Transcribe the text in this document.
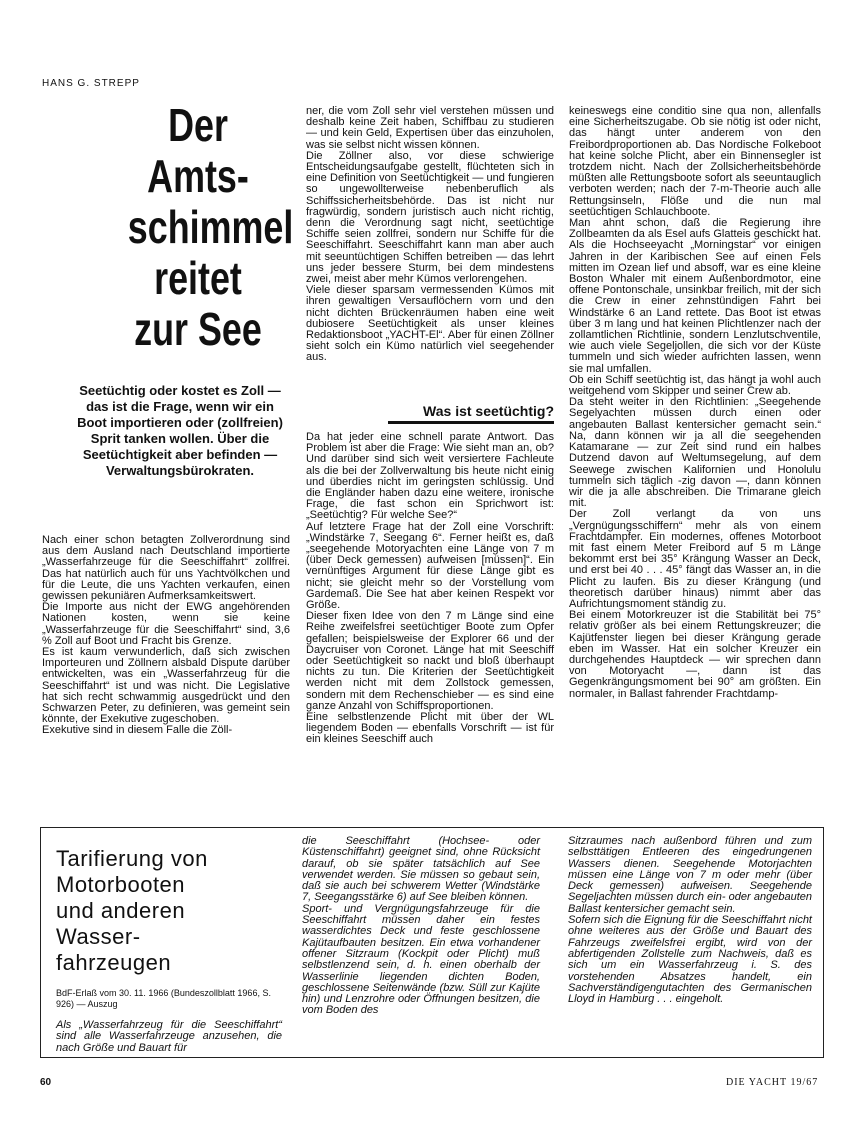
HANS G. STREPP
Der
Amts-
schimmel
reitet
zur See
Seetüchtig oder kostet es Zoll — das ist die Frage, wenn wir ein Boot importieren oder (zollfreien) Sprit tanken wollen. Über die Seetüchtigkeit aber befinden — Verwaltungsbürokraten.

Nach einer schon betagten Zollverordnung sind aus dem Ausland nach Deutschland importierte „Wasserfahrzeuge für die Seeschiffahrt“ zollfrei. Das hat natürlich auch für uns Yachtvölkchen und für die Leute, die uns Yachten verkaufen, einen gewissen pekuniären Aufmerksamkeitswert.

Die Importe aus nicht der EWG angehörenden Nationen kosten, wenn sie keine „Wasserfahrzeuge für die Seeschiffahrt“ sind, 3,6 % Zoll auf Boot und Fracht bis Grenze.

Es ist kaum verwunderlich, daß sich zwischen Importeuren und Zöllnern alsbald Dispute darüber entwickelten, was ein „Wasserfahrzeug für die Seeschiffahrt“ ist und was nicht. Die Legislative hat sich recht schwammig ausgedrückt und den Schwarzen Peter, zu definieren, was gemeint sein könnte, der Exekutive zugeschoben.

Exekutive sind in diesem Falle die Zöll-

ner, die vom Zoll sehr viel verstehen müssen und deshalb keine Zeit haben, Schiffbau zu studieren — und kein Geld, Expertisen über das einzuholen, was sie selbst nicht wissen können.

Die Zöllner also, vor diese schwierige Entscheidungsaufgabe gestellt, flüchteten sich in eine Definition von Seetüchtigkeit — und fungieren so ungewollterweise nebenberuflich als Schiffssicherheitsbehörde. Das ist nicht nur fragwürdig, sondern juristisch auch nicht richtig, denn die Verordnung sagt nicht, seetüchtige Schiffe seien zollfrei, sondern nur Schiffe für die Seeschiffahrt. Seeschiffahrt kann man aber auch mit seeuntüchtigen Schiffen betreiben — das lehrt uns jeder bessere Sturm, bei dem mindestens zwei, meist aber mehr Kümos verlorengehen.

Viele dieser sparsam vermessenden Kümos mit ihren gewaltigen Versauflöchern vorn und den nicht dichten Brückenräumen haben eine weit dubiosere Seetüchtigkeit als unser kleines Redaktionsboot „YACHT-El“. Aber für einen Zöllner sieht solch ein Kümo natürlich viel seegehender aus.

Was ist seetüchtig?

Da hat jeder eine schnell parate Antwort. Das Problem ist aber die Frage: Wie sieht man an, ob? Und darüber sind sich weit versiertere Fachleute als die bei der Zollverwaltung bis heute nicht einig und überdies nicht im geringsten schlüssig. Und die Engländer haben dazu eine weitere, ironische Frage, die fast schon ein Sprichwort ist: „Seetüchtig? Für welche See?“

Auf letztere Frage hat der Zoll eine Vorschrift: „Windstärke 7, Seegang 6“. Ferner heißt es, daß „seegehende Motoryachten eine Länge von 7 m (über Deck gemessen) aufweisen [müssen]“. Ein vernünftiges Argument für diese Länge gibt es nicht; sie gleicht mehr so der Vorstellung vom Gardemaß. Die See hat aber keinen Respekt vor Größe.

Dieser fixen Idee von den 7 m Länge sind eine Reihe zweifelsfrei seetüchtiger Boote zum Opfer gefallen; beispielsweise der Explorer 66 und der Daycruiser von Coronet. Länge hat mit Seeschiff oder Seetüchtigkeit so nackt und bloß überhaupt nichts zu tun. Die Kriterien der Seetüchtigkeit werden nicht mit dem Zollstock gemessen, sondern mit dem Rechenschieber — es sind eine ganze Anzahl von Schiffsproportionen.

Eine selbstlenzende Plicht mit über der WL liegendem Boden — ebenfalls Vorschrift — ist für ein kleines Seeschiff auch

keineswegs eine conditio sine qua non, allenfalls eine Sicherheitszugabe. Ob sie nötig ist oder nicht, das hängt unter anderem von den Freibordproportionen ab. Das Nordische Folkeboot hat keine solche Plicht, aber ein Binnensegler ist trotzdem nicht. Nach der Zollsicherheitsbehörde müßten alle Rettungsboote sofort als seeuntauglich verboten werden; nach der 7-m-Theorie auch alle Rettungsinseln, Flöße und die nun mal seetüchtigen Schlauchboote.

Man ahnt schon, daß die Regierung ihre Zollbeamten da als Esel aufs Glatteis geschickt hat. Als die Hochseeyacht „Morningstar“ vor einigen Jahren in der Karibischen See auf einen Fels mitten im Ozean lief und absoff, war es eine kleine Boston Whaler mit einem Außenbordmotor, eine offene Pontonschale, unsinkbar freilich, mit der sich die Crew in einer zehnstündigen Fahrt bei Windstärke 6 an Land rettete. Das Boot ist etwas über 3 m lang und hat keinen Plichtlenzer nach der zollamtlichen Richtlinie, sondern Lenzlutschventile, wie auch viele Segeljollen, die sich vor der Küste tummeln und sich wieder aufrichten lassen, wenn sie mal umfallen.

Ob ein Schiff seetüchtig ist, das hängt ja wohl auch weitgehend vom Skipper und seiner Crew ab.

Da steht weiter in den Richtlinien: „Seegehende Segelyachten müssen durch einen oder angebauten Ballast kentersicher gemacht sein.“ Na, dann können wir ja all die seegehenden Katamarane — zur Zeit sind rund ein halbes Dutzend davon auf Weltumsegelung, auf dem Seewege zwischen Kalifornien und Honolulu tummeln sich täglich -zig davon —, dann können wir die ja alle abschreiben. Die Trimarane gleich mit.

Der Zoll verlangt da von uns „Vergnügungsschiffern“ mehr als von einem Frachtdampfer. Ein modernes, offenes Motorboot mit fast einem Meter Freibord auf 5 m Länge bekommt erst bei 35° Krängung Wasser an Deck, und erst bei 40 . . . 45° fängt das Wasser an, in die Plicht zu laufen. Bis zu dieser Krängung (und theoretisch darüber hinaus) nimmt aber das Aufrichtungsmoment ständig zu.

Bei einem Motorkreuzer ist die Stabilität bei 75° relativ größer als bei einem Rettungskreuzer; die Kajütfenster liegen bei dieser Krängung gerade eben im Wasser. Hat ein solcher Kreuzer ein durchgehendes Hauptdeck — wir sprechen dann von Motoryacht —, dann ist das Gegenkrängungsmoment bei 90° am größten. Ein normaler, in Ballast fahrender Frachtdamp-

Tarifierung von
Motorbooten
und anderen
Wasser-
fahrzeugen
BdF-Erlaß vom 30. 11. 1966 (Bundeszollblatt 1966, S. 926) — Auszug

Als „Wasserfahrzeug für die Seeschiffahrt“ sind alle Wasserfahrzeuge anzusehen, die nach Größe und Bauart für

die Seeschiffahrt (Hochsee- oder Küstenschiffahrt) geeignet sind, ohne Rücksicht darauf, ob sie später tatsächlich auf See verwendet werden. Sie müssen so gebaut sein, daß sie auch bei schwerem Wetter (Windstärke 7, Seegangsstärke 6) auf See bleiben können.

Sport- und Vergnügungsfahrzeuge für die Seeschiffahrt müssen daher ein festes wasserdichtes Deck und feste geschlossene Kajütaufbauten besitzen. Ein etwa vorhandener offener Sitzraum (Kockpit oder Plicht) muß selbstlenzend sein, d. h. einen oberhalb der Wasserlinie liegenden dichten Boden, geschlossene Seitenwände (bzw. Süll zur Kajüte hin) und Lenzrohre oder Öffnungen besitzen, die vom Boden des

Sitzraumes nach außenbord führen und zum selbsttätigen Entleeren des eingedrungenen Wassers dienen. Seegehende Motorjachten müssen eine Länge von 7 m oder mehr (über Deck gemessen) aufweisen. Seegehende Segeljachten müssen durch ein- oder angebauten Ballast kentersicher gemacht sein.

Sofern sich die Eignung für die Seeschiffahrt nicht ohne weiteres aus der Größe und Bauart des Fahrzeugs zweifelsfrei ergibt, wird von der abfertigenden Zollstelle zum Nachweis, daß es sich um ein Wasserfahrzeug i. S. des vorstehenden Absatzes handelt, ein Sachverständigengutachten des Germanischen Lloyd in Hamburg . . . eingeholt.

60	DIE YACHT 19/67
